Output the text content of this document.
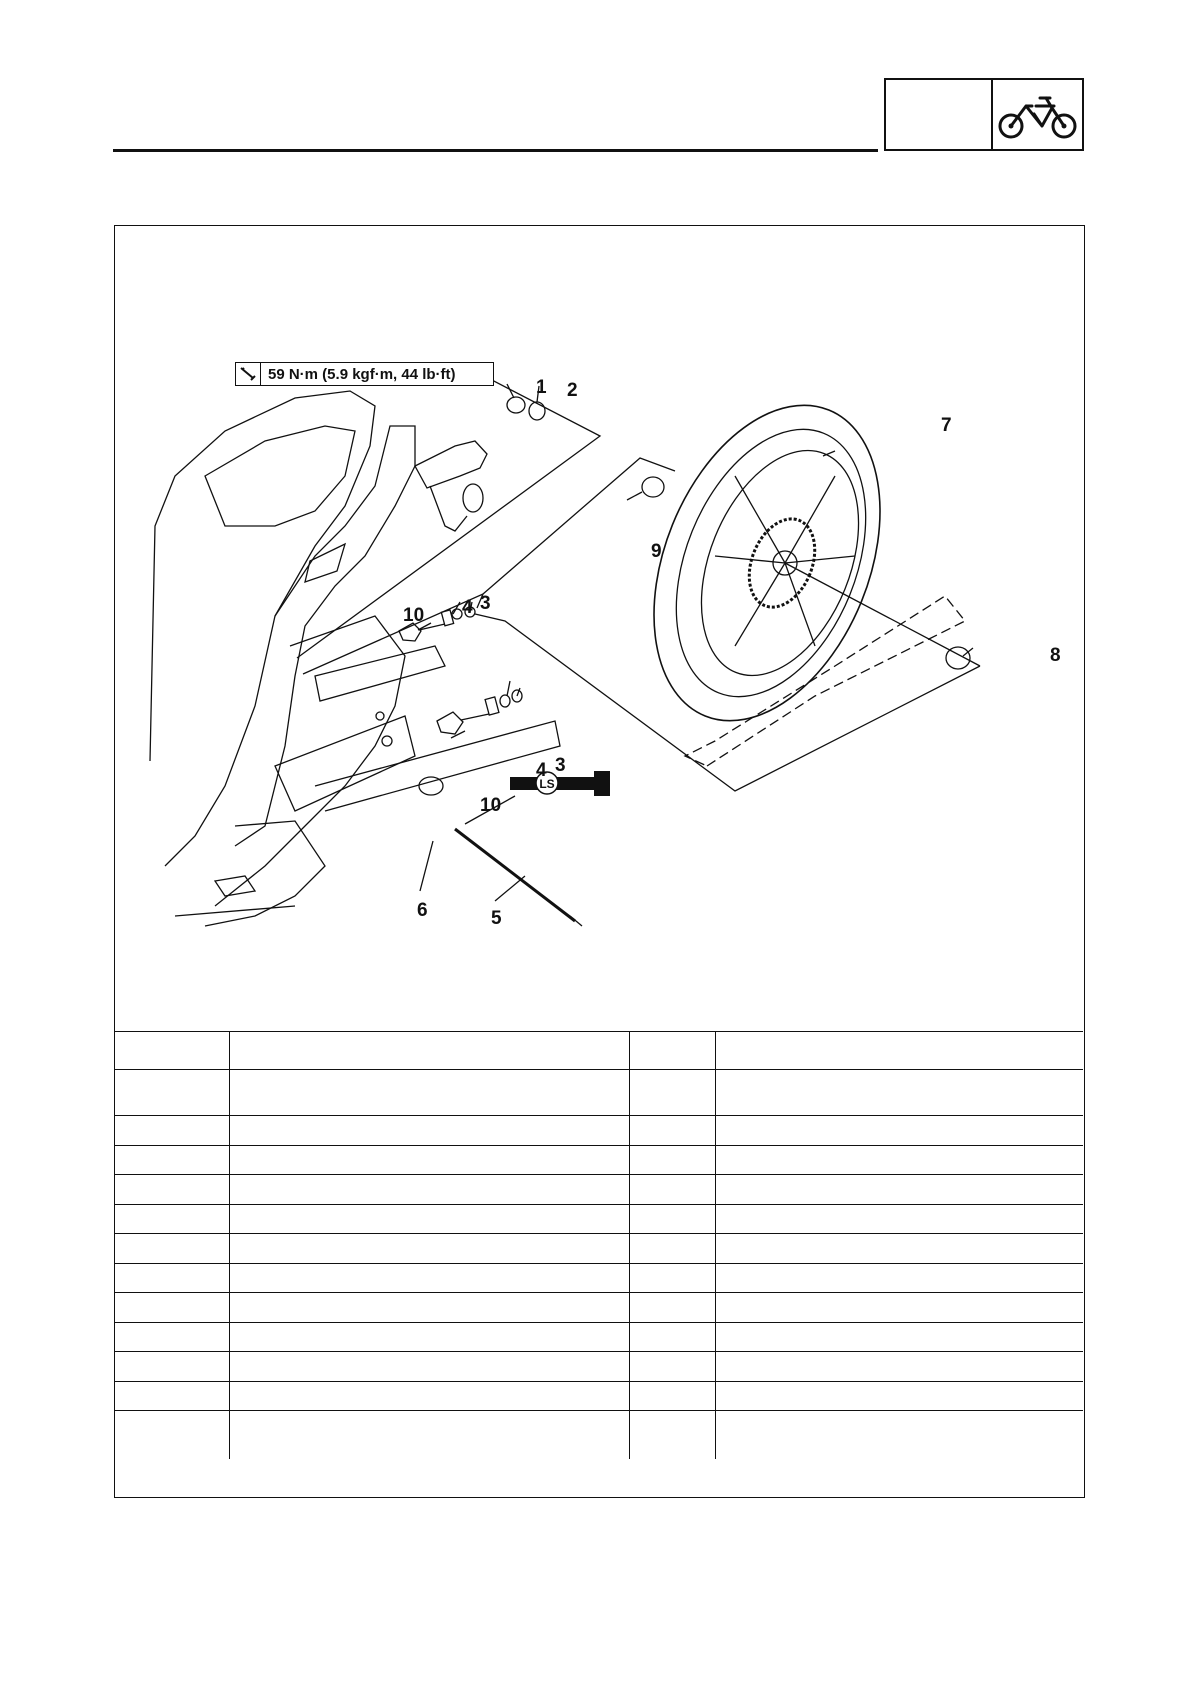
LS
59 N·m (5.9 kgf·m, 44 lb·ft)
1 2
3
4
10
4 3
10
9
7
8
6	5
